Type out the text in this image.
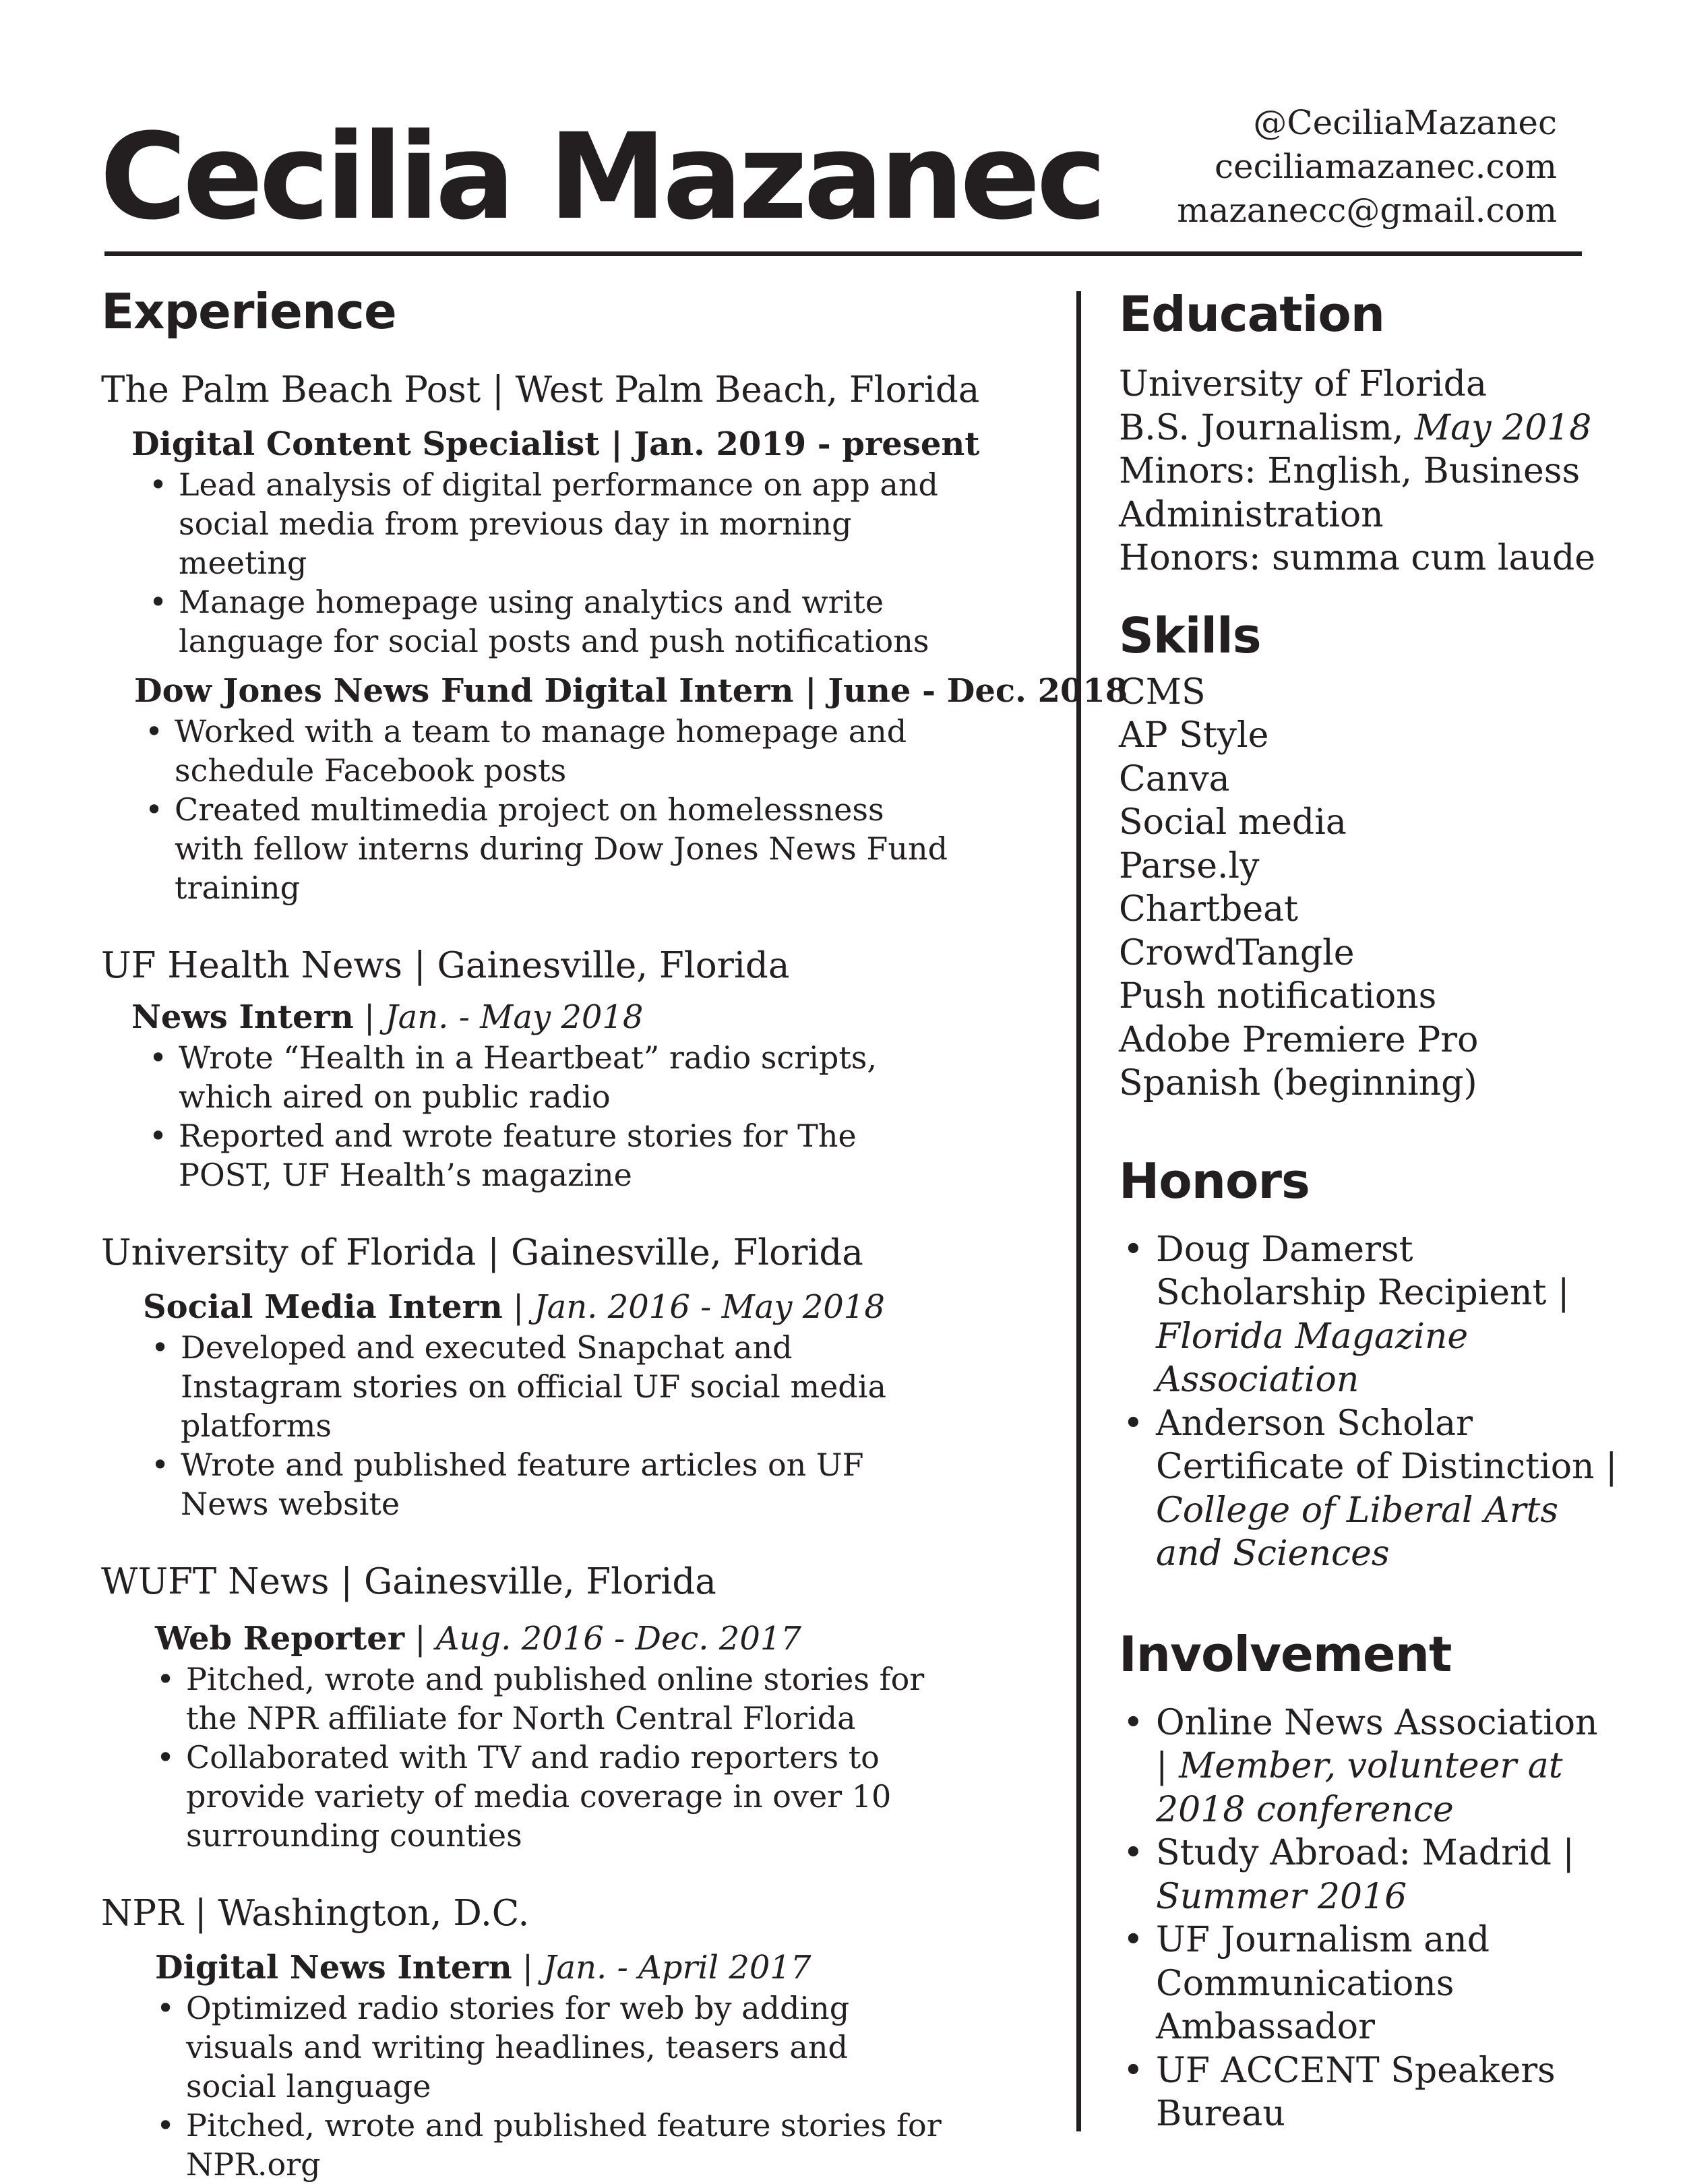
Cecilia Mazanec	@CeciliaMazanec
ceciliamazanec.com
mazanecc@gmail.com
Experience

The Palm Beach Post | West Palm Beach, Florida

Digital Content Specialist | Jan. 2019 - present

• Lead analysis of digital performance on app and social media from previous day in morning meeting
• Manage homepage using analytics and write language for social posts and push notifications

Dow Jones News Fund Digital Intern | June - Dec. 2018

• Worked with a team to manage homepage and schedule Facebook posts
• Created multimedia project on homelessness with fellow interns during Dow Jones News Fund training

UF Health News | Gainesville, Florida

News Intern | Jan. - May 2018

• Wrote “Health in a Heartbeat” radio scripts, which aired on public radio
• Reported and wrote feature stories for The POST, UF Health’s magazine

University of Florida | Gainesville, Florida

Social Media Intern | Jan. 2016 - May 2018

• Developed and executed Snapchat and Instagram stories on official UF social media platforms
• Wrote and published feature articles on UF News website

WUFT News | Gainesville, Florida

Web Reporter | Aug. 2016 - Dec. 2017

• Pitched, wrote and published online stories for the NPR affiliate for North Central Florida
• Collaborated with TV and radio reporters to provide variety of media coverage in over 10 surrounding counties

NPR | Washington, D.C.

Digital News Intern | Jan. - April 2017

• Optimized radio stories for web by adding visuals and writing headlines, teasers and social language
• Pitched, wrote and published feature stories for NPR.org
Education
University of Florida
B.S. Journalism, May 2018
Minors: English, Business
Administration
Honors: summa cum laude
Skills
CMS
AP Style
Canva
Social media
Parse.ly
Chartbeat
CrowdTangle
Push notifications
Adobe Premiere Pro
Spanish (beginning)
Honors
• Doug Damerst Scholarship Recipient | Florida Magazine Association
• Anderson Scholar Certificate of Distinction | College of Liberal Arts and Sciences
Involvement
• Online News Association | Member, volunteer at 2018 conference
• Study Abroad: Madrid | Summer 2016
• UF Journalism and Communications Ambassador
• UF ACCENT Speakers Bureau
